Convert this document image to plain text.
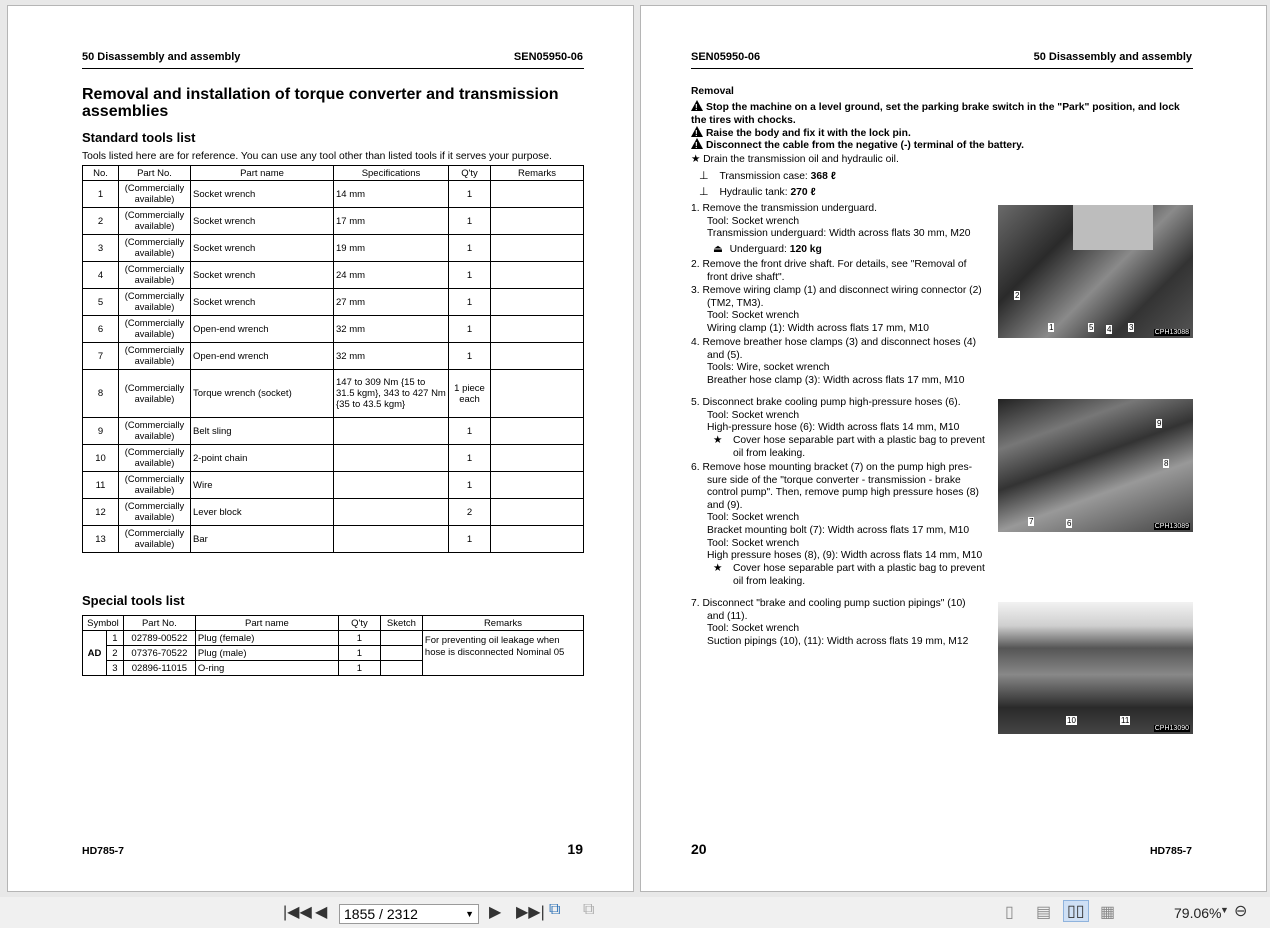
50 Disassembly and assembly	SEN05950-06
Removal and installation of torque converter and transmission assemblies
Standard tools list
Tools listed here are for reference. You can use any tool other than listed tools if it serves your purpose.
No.	Part No.	Part name	Specifications	Q'ty	Remarks
1	(Commercially available)	Socket wrench	14 mm	1	
2	(Commercially available)	Socket wrench	17 mm	1	
3	(Commercially available)	Socket wrench	19 mm	1	
4	(Commercially available)	Socket wrench	24 mm	1	
5	(Commercially available)	Socket wrench	27 mm	1	
6	(Commercially available)	Open-end wrench	32 mm	1	
7	(Commercially available)	Open-end wrench	32 mm	1	
8	(Commercially available)	Torque wrench (socket)	147 to 309 Nm {15 to 31.5 kgm}, 343 to 427 Nm {35 to 43.5 kgm}	1 piece each	
9	(Commercially available)	Belt sling		1	
10	(Commercially available)	2-point chain		1	
11	(Commercially available)	Wire		1	
12	(Commercially available)	Lever block		2	
13	(Commercially available)	Bar		1	
Special tools list
Symbol		Part No.	Part name	Q'ty	Sketch	Remarks
AD	1	02789-00522	Plug (female)	1		For preventing oil leakage when hose is disconnected Nominal 05
	2	07376-70522	Plug (male)	1		
	3	02896-11015	O-ring	1		
HD785-7	19
SEN05950-06	50 Disassembly and assembly
Removal
!Stop the machine on a level ground, set the parking brake switch in the "Park" position, and lock the tires with chocks.
!Raise the body and fix it with the lock pin.
!Disconnect the cable from the negative (-) terminal of the battery.
★ Drain the transmission oil and hydraulic oil.
⊥ Transmission case: 368 ℓ
⊥ Hydraulic tank: 270 ℓ
1. Remove the transmission underguard.
Tool: Socket wrench
Transmission underguard: Width across flats 30 mm, M20
⏏ Underguard: 120 kg
2. Remove the front drive shaft. For details, see "Removal of
front drive shaft".
3. Remove wiring clamp (1) and disconnect wiring connector (2)
(TM2, TM3).
Tool: Socket wrench
Wiring clamp (1): Width across flats 17 mm, M10
4. Remove breather hose clamps (3) and disconnect hoses (4)
and (5).
Tools: Wire, socket wrench
Breather hose clamp (3): Width across flats 17 mm, M10
5. Disconnect brake cooling pump high-pressure hoses (6).
Tool: Socket wrench
High-pressure hose (6): Width across flats 14 mm, M10
★ Cover hose separable part with a plastic bag to prevent
oil from leaking.
6. Remove hose mounting bracket (7) on the pump high pres-
sure side of the "torque converter - transmission - brake
control pump". Then, remove pump high pressure hoses (8)
and (9).
Tool: Socket wrench
Bracket mounting bolt (7): Width across flats 17 mm, M10
Tool: Socket wrench
High pressure hoses (8), (9): Width across flats 14 mm, M10
★ Cover hose separable part with a plastic bag to prevent
oil from leaking.
7. Disconnect "brake and cooling pump suction pipings" (10)
and (11).
Tool: Socket wrench
Suction pipings (10), (11): Width across flats 19 mm, M12
2
1	5 4 3
CPH13088
9
8
7	6	CPH13089
10	11
CPH13090
20	HD785-7
|◀◀ ◀	▶ ▶▶| ⧉ ⧉	▯ ▤ ▯▯ ▦	▼ ⊖
1855 / 2312	▼	79.06%
